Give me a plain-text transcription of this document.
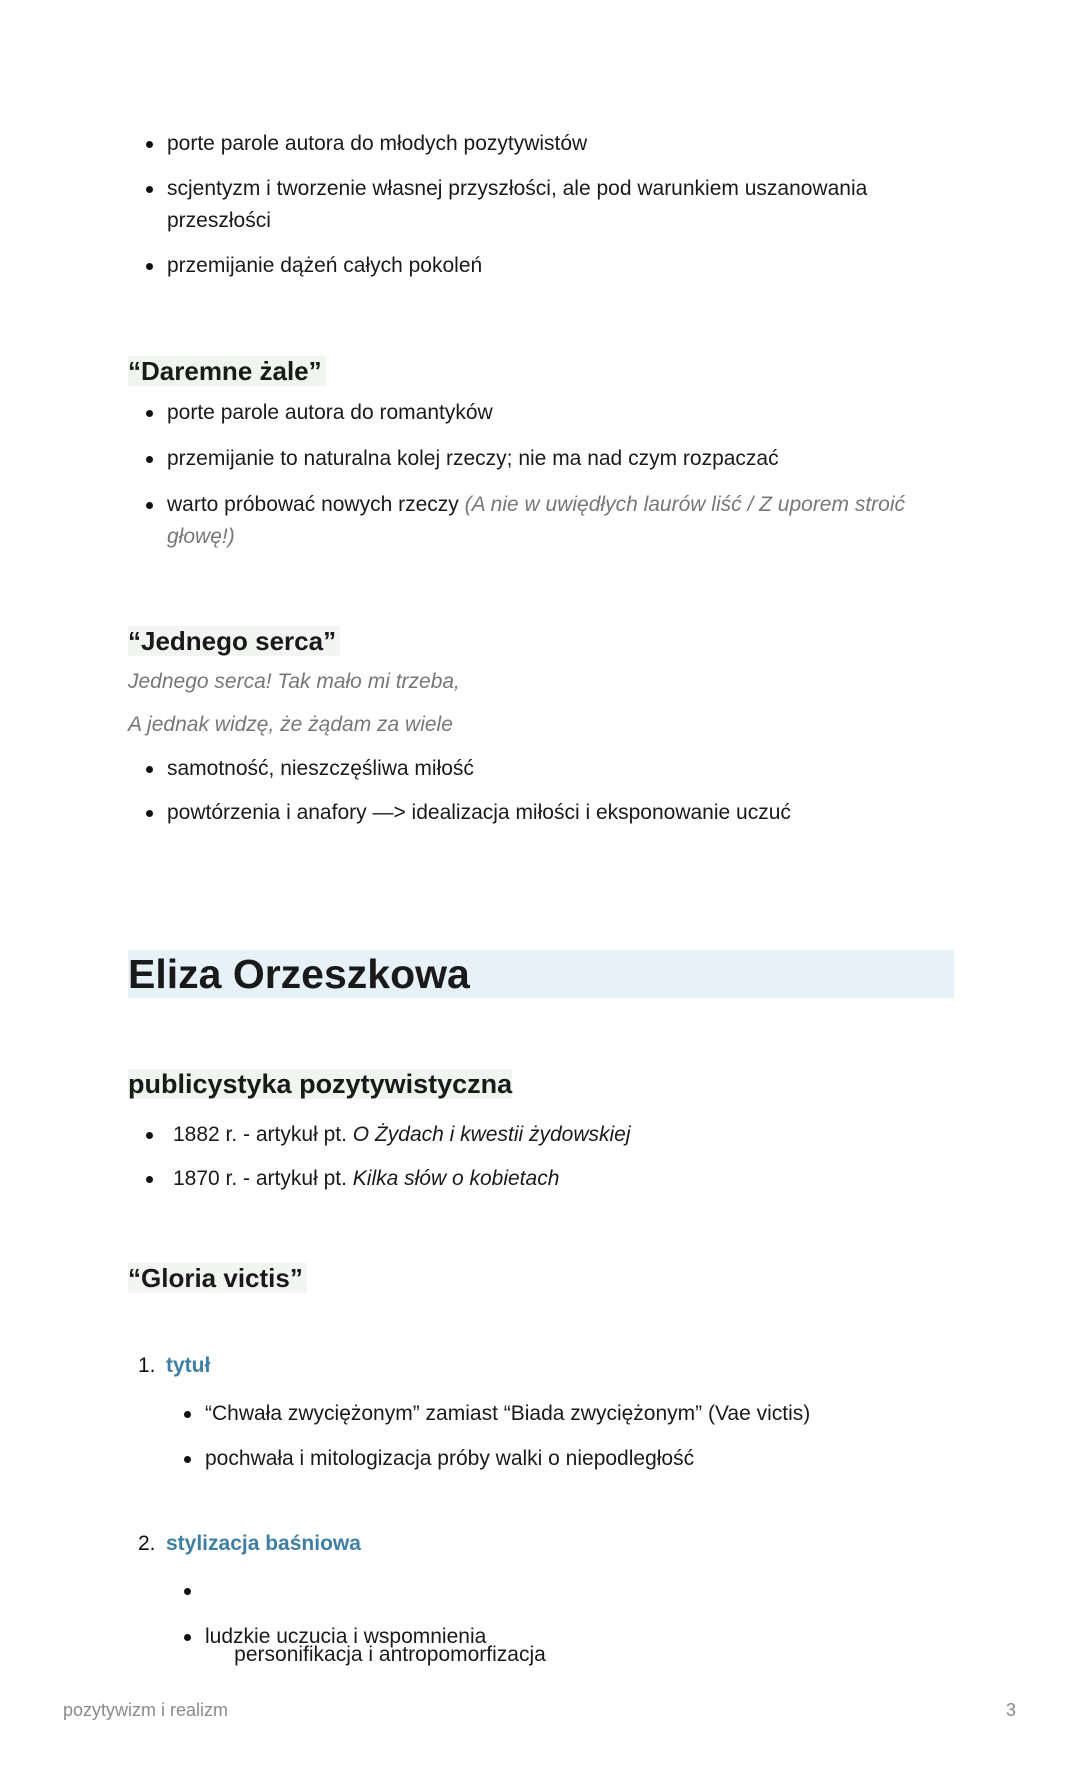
porte parole autora do młodych pozytywistów
scjentyzm i tworzenie własnej przyszłości, ale pod warunkiem uszanowania przeszłości
przemijanie dążeń całych pokoleń
“Daremne żale”
porte parole autora do romantyków
przemijanie to naturalna kolej rzeczy; nie ma nad czym rozpaczać
warto próbować nowych rzeczy (A nie w uwiędłych laurów liść / Z uporem stroić głowę!)
“Jednego serca”
Jednego serca! Tak mało mi trzeba,
A jednak widzę, że żądam za wiele
samotność, nieszczęśliwa miłość
powtórzenia i anafory —> idealizacja miłości i eksponowanie uczuć
Eliza Orzeszkowa
publicystyka pozytywistyczna
1882 r. - artykuł pt. O Żydach i kwestii żydowskiej
1870 r. - artykuł pt. Kilka słów o kobietach
“Gloria victis”
1. tytuł
“Chwała zwyciężonym” zamiast “Biada zwyciężonym” (Vae victis)
pochwała i mitologizacja próby walki o niepodległość
2. stylizacja baśniowa

personifikacja i antropomorfizacja

ludzkie uczucia i wspomnienia
pozytywizm i realizm	3
